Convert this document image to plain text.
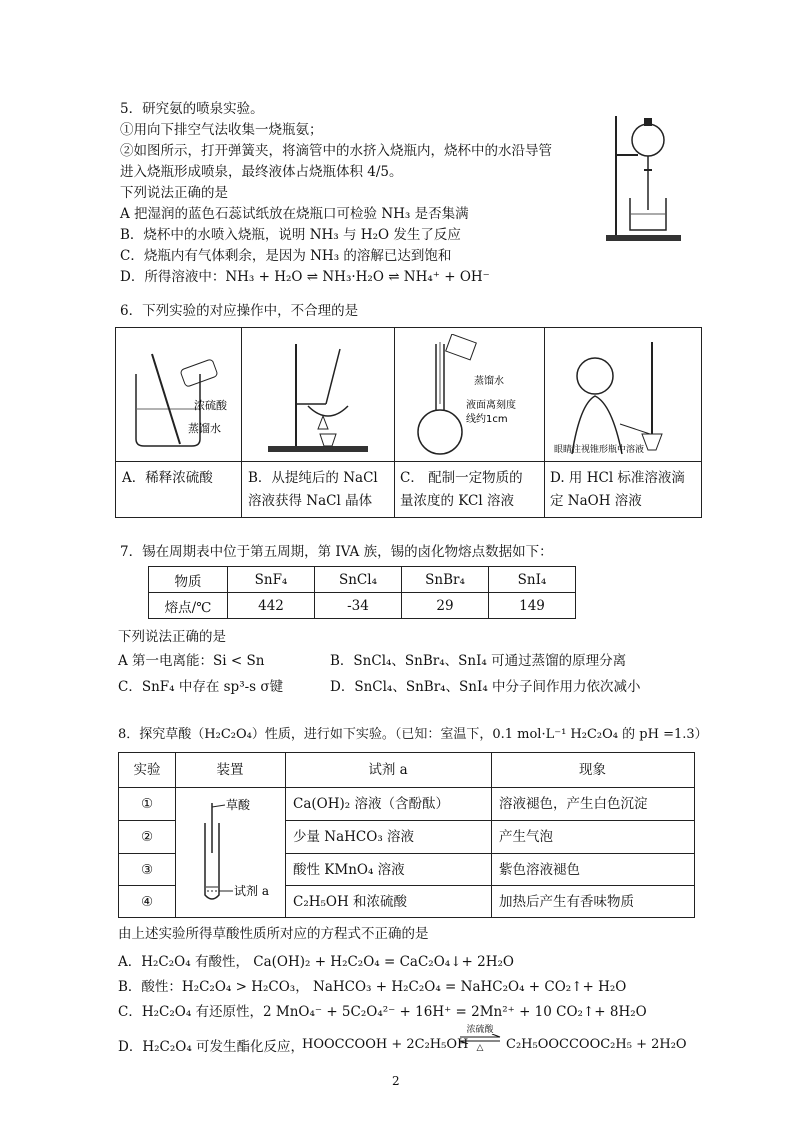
5．研究氨的喷泉实验。
①用向下排空气法收集一烧瓶氨；
②如图所示，打开弹簧夹，将滴管中的水挤入烧瓶内，烧杯中的水沿导管
进入烧瓶形成喷泉，最终液体占烧瓶体积 4/5。
下列说法正确的是
A 把湿润的蓝色石蕊试纸放在烧瓶口可检验 NH₃ 是否集满
B．烧杯中的水喷入烧瓶，说明 NH₃ 与 H₂O 发生了反应
C．烧瓶内有气体剩余，是因为 NH₃ 的溶解已达到饱和
D．所得溶液中：NH₃ + H₂O ⇌ NH₃·H₂O ⇌ NH₄⁺ + OH⁻
6．下列实验的对应操作中，不合理的是
浓硫酸
蒸馏水
蒸馏水
液面离刻度
线约1cm
眼睛注视锥形瓶中溶液
A．稀释浓硫酸	B．从提纯后的 NaCl
溶液获得 NaCl 晶体
C． 配制一定物质的
量浓度的 KCl 溶液
D. 用 HCl 标准溶液滴
定 NaOH 溶液
7．锡在周期表中位于第五周期，第 IVA 族，锡的卤化物熔点数据如下：
物质	SnF₄	SnCl₄	SnBr₄	SnI₄
熔点/℃	442	-34	29	149
下列说法正确的是
A 第一电离能：Si < Sn	B．SnCl₄、SnBr₄、SnI₄ 可通过蒸馏的原理分离
C．SnF₄ 中存在 sp³-s σ键	D．SnCl₄、SnBr₄、SnI₄ 中分子间作用力依次减小
8．探究草酸（H₂C₂O₄）性质，进行如下实验。（已知：室温下，0.1 mol·L⁻¹ H₂C₂O₄ 的 pH =1.3）
实验	装置	试剂 a	现象
①	Ca(OH)₂ 溶液（含酚酞）	溶液褪色，产生白色沉淀
②	少量 NaHCO₃ 溶液	产生气泡
③	酸性 KMnO₄ 溶液	紫色溶液褪色
④	C₂H₅OH 和浓硫酸	加热后产生有香味物质
草酸
试剂 a
由上述实验所得草酸性质所对应的方程式不正确的是
A．H₂C₂O₄ 有酸性， Ca(OH)₂ + H₂C₂O₄ = CaC₂O₄↓+ 2H₂O
B．酸性：H₂C₂O₄ > H₂CO₃， NaHCO₃ + H₂C₂O₄ = NaHC₂O₄ + CO₂↑+ H₂O
C．H₂C₂O₄ 有还原性，2 MnO₄⁻ + 5C₂O₄²⁻ + 16H⁺ = 2Mn²⁺ + 10 CO₂↑+ 8H₂O
D．H₂C₂O₄ 可发生酯化反应，
HOOCCOOH + 2C₂H₅OH
浓硫酸
△	C₂H₅OOCCOOC₂H₅ + 2H₂O
2
